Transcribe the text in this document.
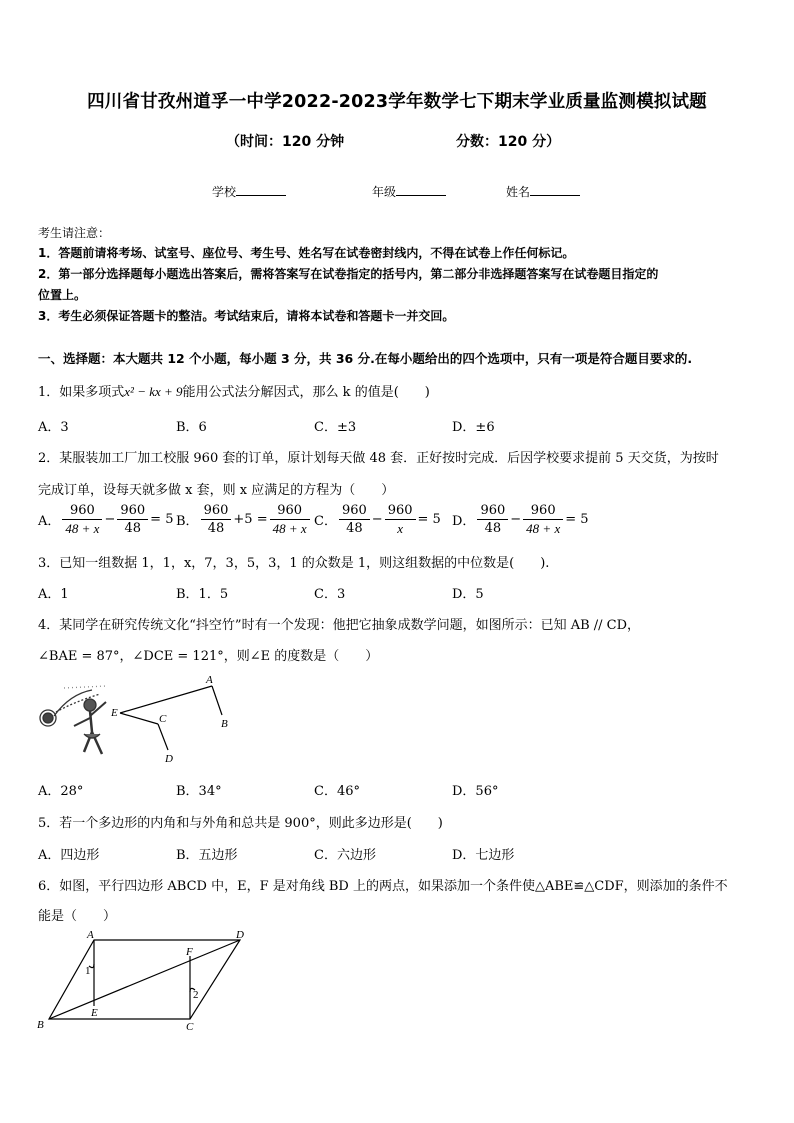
四川省甘孜州道孚一中学2022-2023学年数学七下期末学业质量监测模拟试题
（时间：120 分钟	分数：120 分）
学校	年级	姓名
考生请注意：
1．答题前请将考场、试室号、座位号、考生号、姓名写在试卷密封线内，不得在试卷上作任何标记。
2．第一部分选择题每小题选出答案后，需将答案写在试卷指定的括号内，第二部分非选择题答案写在试卷题目指定的
位置上。
3．考生必须保证答题卡的整洁。考试结束后，请将本试卷和答题卡一并交回。
一、选择题：本大题共 12 个小题，每小题 3 分，共 36 分.在每小题给出的四个选项中，只有一项是符合题目要求的.
1．如果多项式x² − kx + 9能用公式法分解因式，那么 k 的值是(　　)
A．3	B．6	C．±3	D．±6
2．某服装加工厂加工校服 960 套的订单，原计划每天做 48 套．正好按时完成．后因学校要求提前 5 天交货，为按时
完成订单，设每天就多做 x 套，则 x 应满足的方程为（　　）
A． $\frac{960}{48 + x} - \frac{960}{48} = 5$ B． $\frac{960}{48} +5 = \frac{960}{48 + x}$ C． $\frac{960}{48} - \frac{960}{x} = 5$ D． $\frac{960}{48} - \frac{960}{48 + x} = 5$
3．已知一组数据 1，1，x，7，3，5，3，1 的众数是 1，则这组数据的中位数是(　　).
A．1	B．1．5	C．3	D．5
4．某同学在研究传统文化“抖空竹”时有一个发现：他把它抽象成数学问题，如图所示：已知 AB // CD，
∠BAE = 87°，∠DCE = 121°，则∠E 的度数是（　　）
A
B
C
D
E
A．28°	B．34°	C．46°	D．56°
5．若一个多边形的内角和与外角和总共是 900°，则此多边形是(　　)
A．四边形	B．五边形	C．六边形	D．七边形
6．如图，平行四边形 ABCD 中，E，F 是对角线 BD 上的两点，如果添加一个条件使△ABE≌△CDF，则添加的条件不
能是（　　）
A	D
F
1
2
E
B	C
